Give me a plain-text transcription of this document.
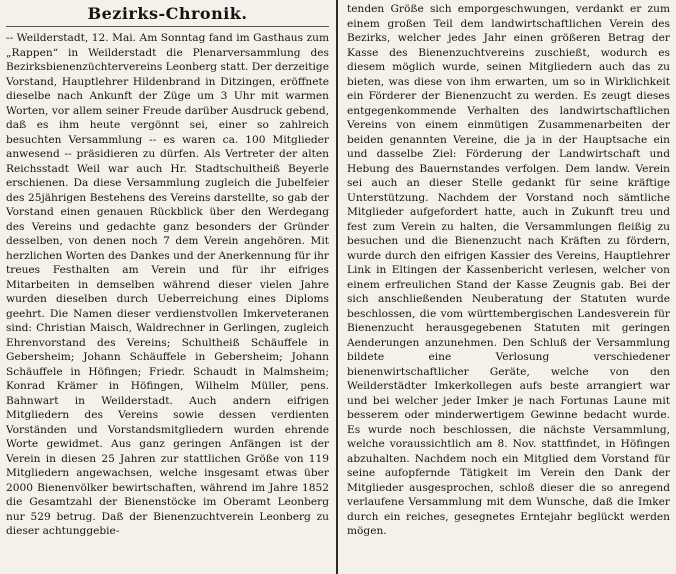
Bezirks-Chronik.

-- Weilderstadt, 12. Mai. Am Sonntag fand im Gasthaus zum „Rappen“ in Weilderstadt die Plenarversammlung des Bezirksbienenzüchtervereins Leonberg statt. Der derzeitige Vorstand, Hauptlehrer Hildenbrand in Ditzingen, eröffnete dieselbe nach Ankunft der Züge um 3 Uhr mit warmen Worten, vor allem seiner Freude darüber Ausdruck gebend, daß es ihm heute vergönnt sei, einer so zahlreich besuchten Versammlung -- es waren ca. 100 Mitglieder anwesend -- präsidieren zu dürfen. Als Vertreter der alten Reichsstadt Weil war auch Hr. Stadtschultheiß Beyerle erschienen. Da diese Versammlung zugleich die Jubelfeier des 25jährigen Bestehens des Vereins darstellte, so gab der Vorstand einen genauen Rückblick über den Werdegang des Vereins und gedachte ganz besonders der Gründer desselben, von denen noch 7 dem Verein angehören. Mit herzlichen Worten des Dankes und der Anerkennung für ihr treues Festhalten am Verein und für ihr eifriges Mitarbeiten in demselben während dieser vielen Jahre wurden dieselben durch Ueberreichung eines Diploms geehrt. Die Namen dieser verdienstvollen Imkerveteranen sind: Christian Maisch, Waldrechner in Gerlingen, zugleich Ehrenvorstand des Vereins; Schultheiß Schäuffele in Gebersheim; Johann Schäuffele in Gebersheim; Johann Schäuffele in Höfingen; Friedr. Schaudt in Malmsheim; Konrad Krämer in Höfingen, Wilhelm Müller, pens. Bahnwart in Weilderstadt. Auch andern eifrigen Mitgliedern des Vereins sowie dessen verdienten Vorständen und Vorstandsmitgliedern wurden ehrende Worte gewidmet. Aus ganz geringen Anfängen ist der Verein in diesen 25 Jahren zur stattlichen Größe von 119 Mitgliedern angewachsen, welche insgesamt etwas über 2000 Bienenvölker bewirtschaften, während im Jahre 1852 die Gesamtzahl der Bienenstöcke im Oberamt Leonberg nur 529 betrug. Daß der Bienenzuchtverein Leonberg zu dieser achtunggebie-

tenden Größe sich emporgeschwungen, verdankt er zum einem großen Teil dem landwirtschaftlichen Verein des Bezirks, welcher jedes Jahr einen größeren Betrag der Kasse des Bienenzuchtvereins zuschießt, wodurch es diesem möglich wurde, seinen Mitgliedern auch das zu bieten, was diese von ihm erwarten, um so in Wirklichkeit ein Förderer der Bienenzucht zu werden. Es zeugt dieses entgegenkommende Verhalten des landwirtschaftlichen Vereins von einem einmütigen Zusammenarbeiten der beiden genannten Vereine, die ja in der Hauptsache ein und dasselbe Ziel: Förderung der Landwirtschaft und Hebung des Bauernstandes verfolgen. Dem landw. Verein sei auch an dieser Stelle gedankt für seine kräftige Unterstützung. Nachdem der Vorstand noch sämtliche Mitglieder aufgefordert hatte, auch in Zukunft treu und fest zum Verein zu halten, die Versammlungen fleißig zu besuchen und die Bienenzucht nach Kräften zu fördern, wurde durch den eifrigen Kassier des Vereins, Hauptlehrer Link in Eltingen der Kassenbericht verlesen, welcher von einem erfreulichen Stand der Kasse Zeugnis gab. Bei der sich anschließenden Neuberatung der Statuten wurde beschlossen, die vom württembergischen Landesverein für Bienenzucht herausgegebenen Statuten mit geringen Aenderungen anzunehmen. Den Schluß der Versammlung bildete eine Verlosung verschiedener bienenwirtschaftlicher Geräte, welche von den Weilderstädter Imkerkollegen aufs beste arrangiert war und bei welcher jeder Imker je nach Fortunas Laune mit besserem oder minderwertigem Gewinne bedacht wurde. Es wurde noch beschlossen, die nächste Versammlung, welche voraussichtlich am 8. Nov. stattfindet, in Höfingen abzuhalten. Nachdem noch ein Mitglied dem Vorstand für seine aufopfernde Tätigkeit im Verein den Dank der Mitglieder ausgesprochen, schloß dieser die so anregend verlaufene Versammlung mit dem Wunsche, daß die Imker durch ein reiches, gesegnetes Erntejahr beglückt werden mögen.
